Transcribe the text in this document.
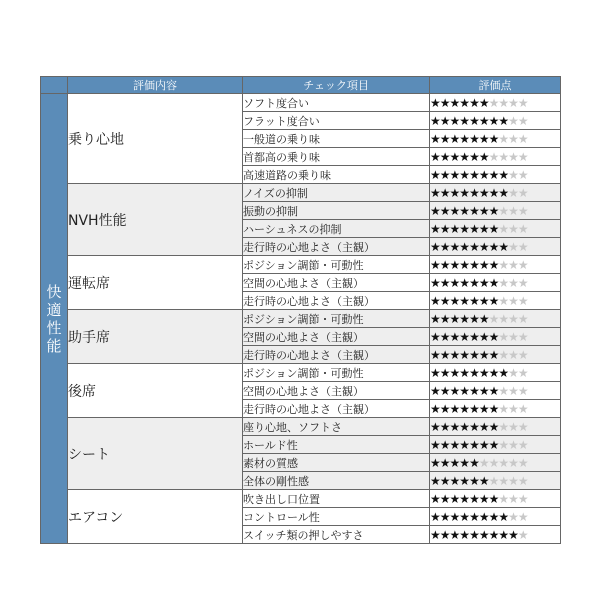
	評価内容	チェック項目	評価点
快適性能	乗り心地	ソフト度合い	★★★★★★★★★★
		フラット度合い	★★★★★★★★★★
		一般道の乗り味	★★★★★★★★★★
		首都高の乗り味	★★★★★★★★★★
		高速道路の乗り味	★★★★★★★★★★
	NVH性能	ノイズの抑制	★★★★★★★★★★
		振動の抑制	★★★★★★★★★★
		ハーシュネスの抑制	★★★★★★★★★★
		走行時の心地よさ（主観）	★★★★★★★★★★
	運転席	ポジション調節・可動性	★★★★★★★★★★
		空間の心地よさ（主観）	★★★★★★★★★★
		走行時の心地よさ（主観）	★★★★★★★★★★
	助手席	ポジション調節・可動性	★★★★★★★★★★
		空間の心地よさ（主観）	★★★★★★★★★★
		走行時の心地よさ（主観）	★★★★★★★★★★
	後席	ポジション調節・可動性	★★★★★★★★★★
		空間の心地よさ（主観）	★★★★★★★★★★
		走行時の心地よさ（主観）	★★★★★★★★★★
	シート	座り心地、ソフトさ	★★★★★★★★★★
		ホールド性	★★★★★★★★★★
		素材の質感	★★★★★★★★★★
		全体の剛性感	★★★★★★★★★★
	エアコン	吹き出し口位置	★★★★★★★★★★
		コントロール性	★★★★★★★★★★
		スイッチ類の押しやすさ	★★★★★★★★★★
